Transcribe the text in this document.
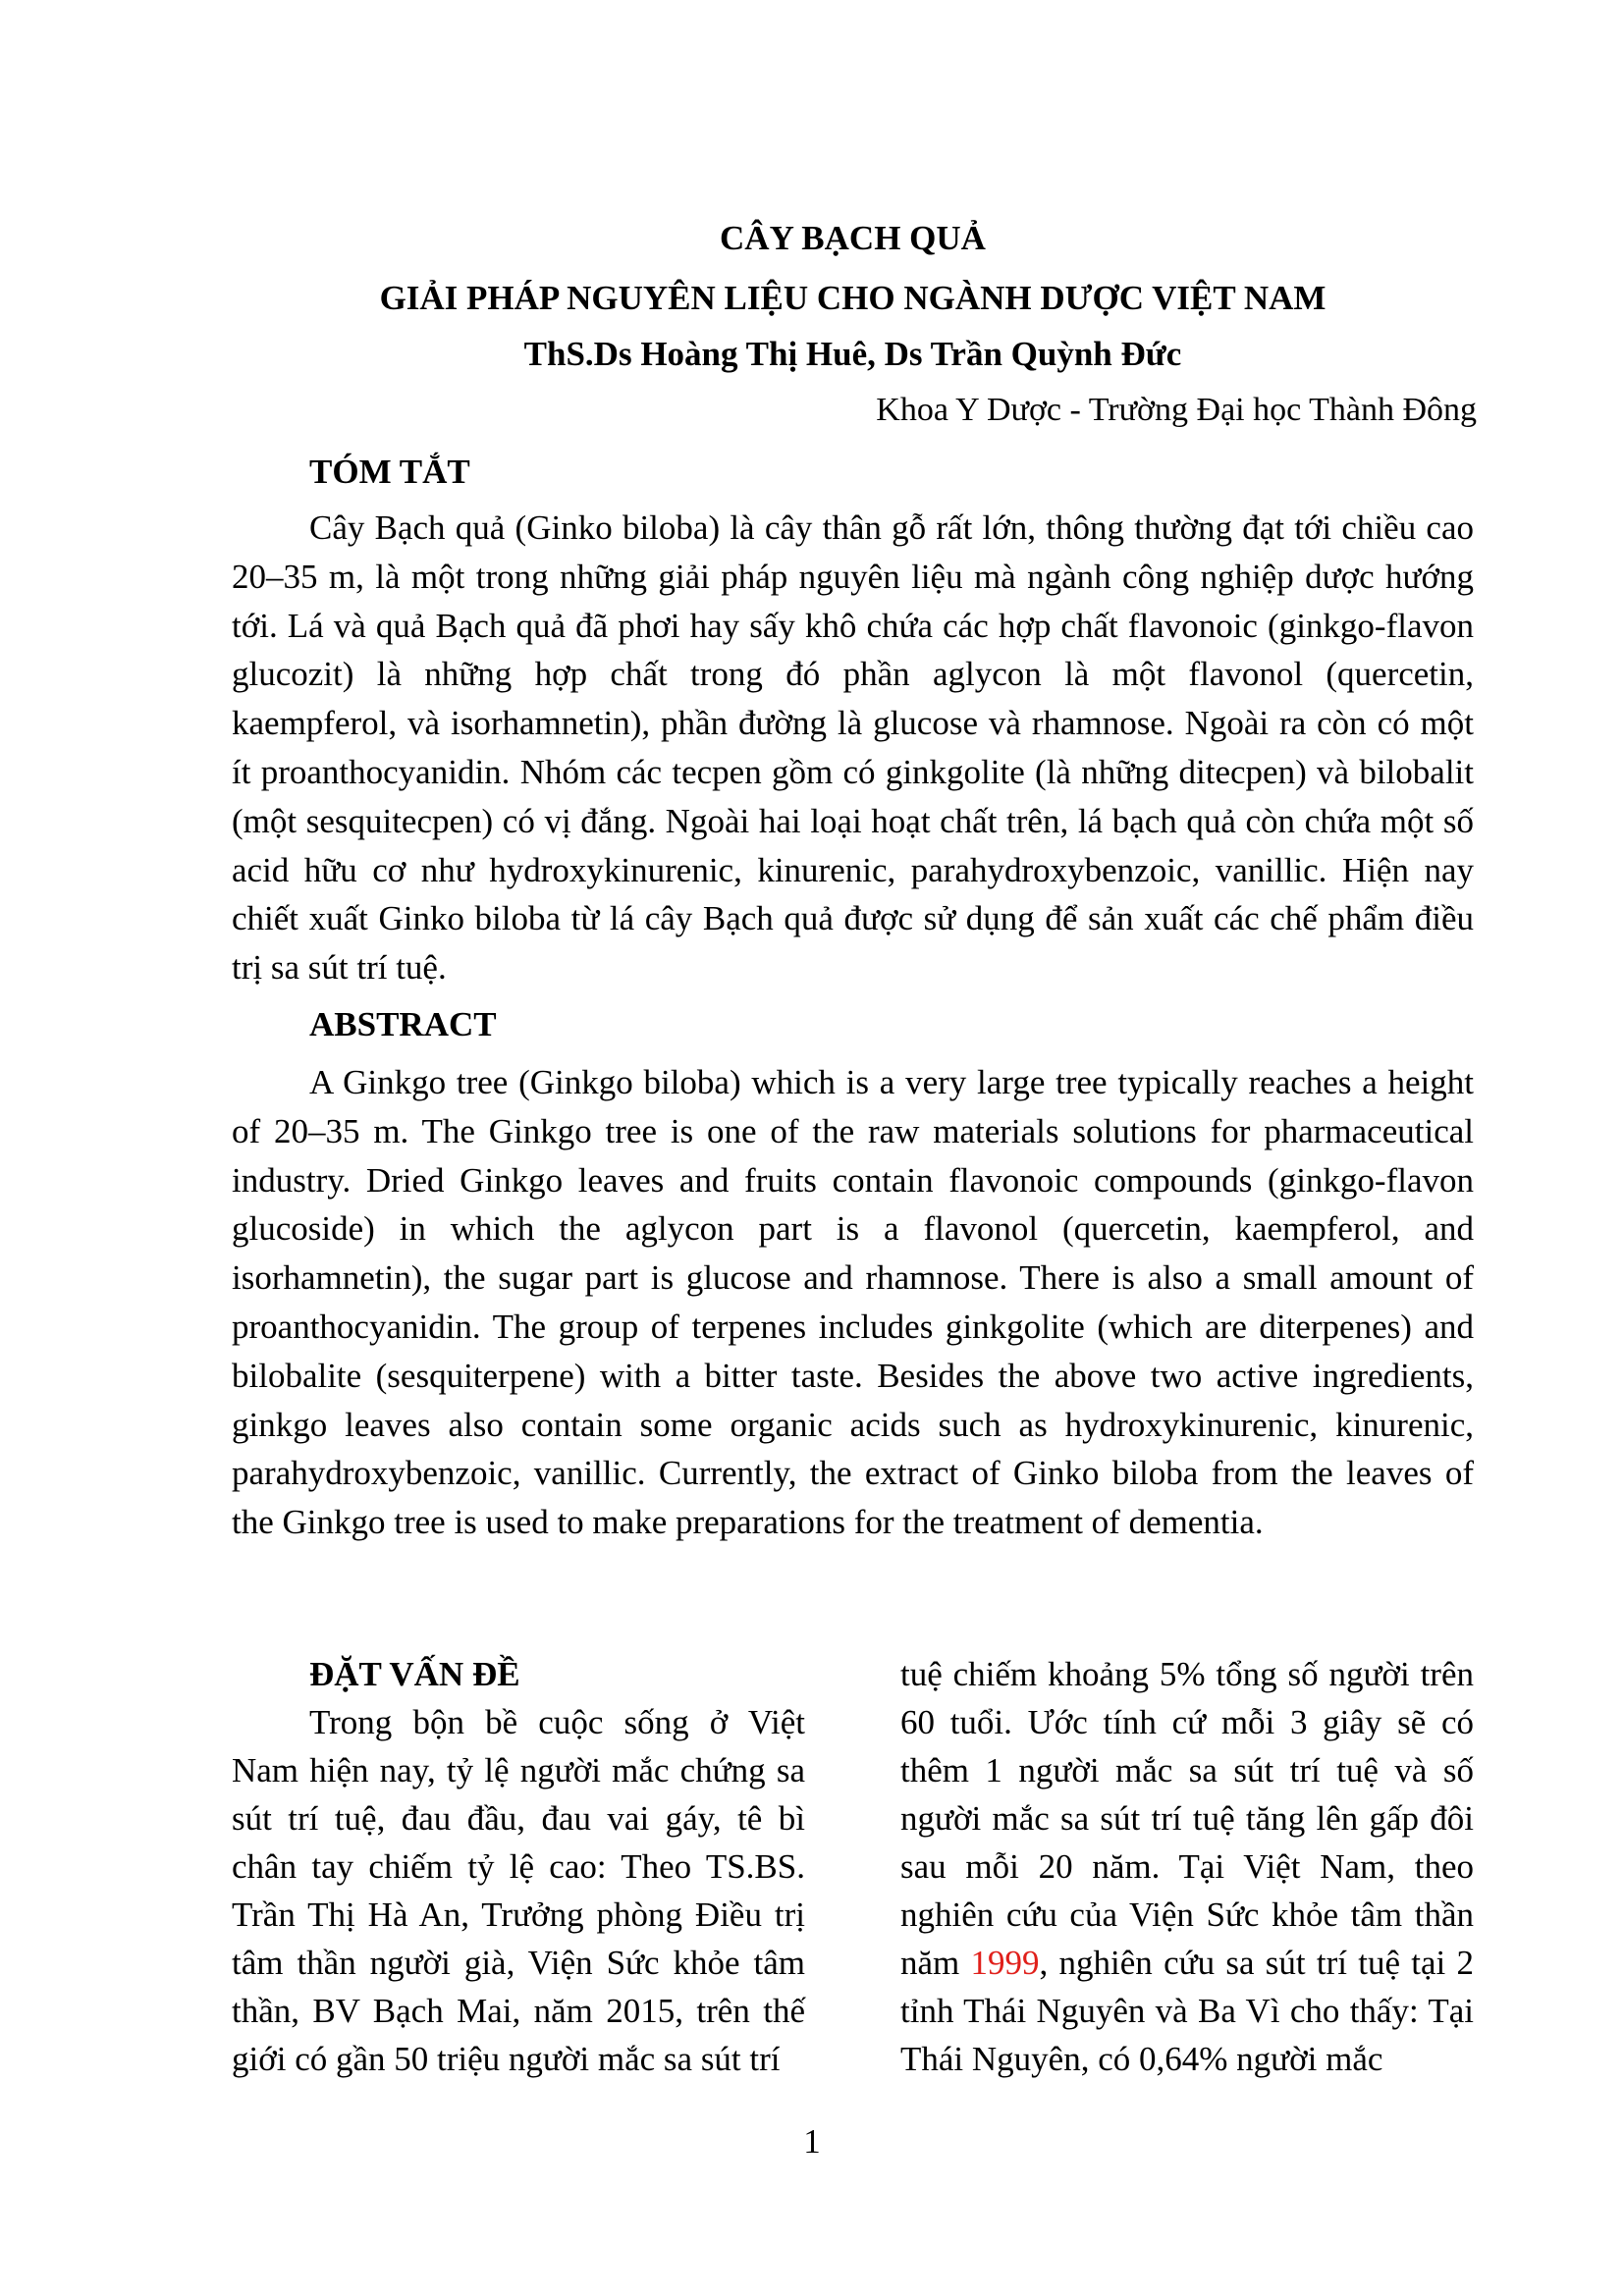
CÂY BẠCH QUẢ
GIẢI PHÁP NGUYÊN LIỆU CHO NGÀNH DƯỢC VIỆT NAM
ThS.Ds Hoàng Thị Huê, Ds Trần Quỳnh Đức
Khoa Y Dược - Trường Đại học Thành Đông
TÓM TẮT

Cây Bạch quả (Ginko biloba) là cây thân gỗ rất lớn, thông thường đạt tới chiều cao 20–35 m, là một trong những giải pháp nguyên liệu mà ngành công nghiệp dược hướng tới. Lá và quả Bạch quả đã phơi hay sấy khô chứa các hợp chất flavonoic (ginkgo-flavon glucozit) là những hợp chất trong đó phần aglycon là một flavonol (quercetin, kaempferol, và isorhamnetin), phần đường là glucose và rhamnose. Ngoài ra còn có một ít proanthocyanidin. Nhóm các tecpen gồm có ginkgolite (là những ditecpen) và bilobalit (một sesquitecpen) có vị đắng. Ngoài hai loại hoạt chất trên, lá bạch quả còn chứa một số acid hữu cơ như hydroxykinurenic, kinurenic, parahydroxybenzoic, vanillic. Hiện nay chiết xuất Ginko biloba từ lá cây Bạch quả được sử dụng để sản xuất các chế phẩm điều trị sa sút trí tuệ.

ABSTRACT

A Ginkgo tree (Ginkgo biloba) which is a very large tree typically reaches a height of 20–35 m. The Ginkgo tree is one of the raw materials solutions for pharmaceutical industry. Dried Ginkgo leaves and fruits contain flavonoic compounds (ginkgo-flavon glucoside) in which the aglycon part is a flavonol (quercetin, kaempferol, and isorhamnetin), the sugar part is glucose and rhamnose. There is also a small amount of proanthocyanidin. The group of terpenes includes ginkgolite (which are diterpenes) and bilobalite (sesquiterpene) with a bitter taste. Besides the above two active ingredients, ginkgo leaves also contain some organic acids such as hydroxykinurenic, kinurenic, parahydroxybenzoic, vanillic. Currently, the extract of Ginko biloba from the leaves of the Ginkgo tree is used to make preparations for the treatment of dementia.

ĐẶT VẤN ĐỀ

Trong bộn bề cuộc sống ở Việt Nam hiện nay, tỷ lệ người mắc chứng sa sút trí tuệ, đau đầu, đau vai gáy, tê bì chân tay chiếm tỷ lệ cao: Theo TS.BS. Trần Thị Hà An, Trưởng phòng Điều trị tâm thần người già, Viện Sức khỏe tâm thần, BV Bạch Mai, năm 2015, trên thế giới có gần 50 triệu người mắc sa sút trí

tuệ chiếm khoảng 5% tổng số người trên 60 tuổi. Ước tính cứ mỗi 3 giây sẽ có thêm 1 người mắc sa sút trí tuệ và số người mắc sa sút trí tuệ tăng lên gấp đôi sau mỗi 20 năm. Tại Việt Nam, theo nghiên cứu của Viện Sức khỏe tâm thần năm 1999, nghiên cứu sa sút trí tuệ tại 2 tỉnh Thái Nguyên và Ba Vì cho thấy: Tại Thái Nguyên, có 0,64% người mắc

1
